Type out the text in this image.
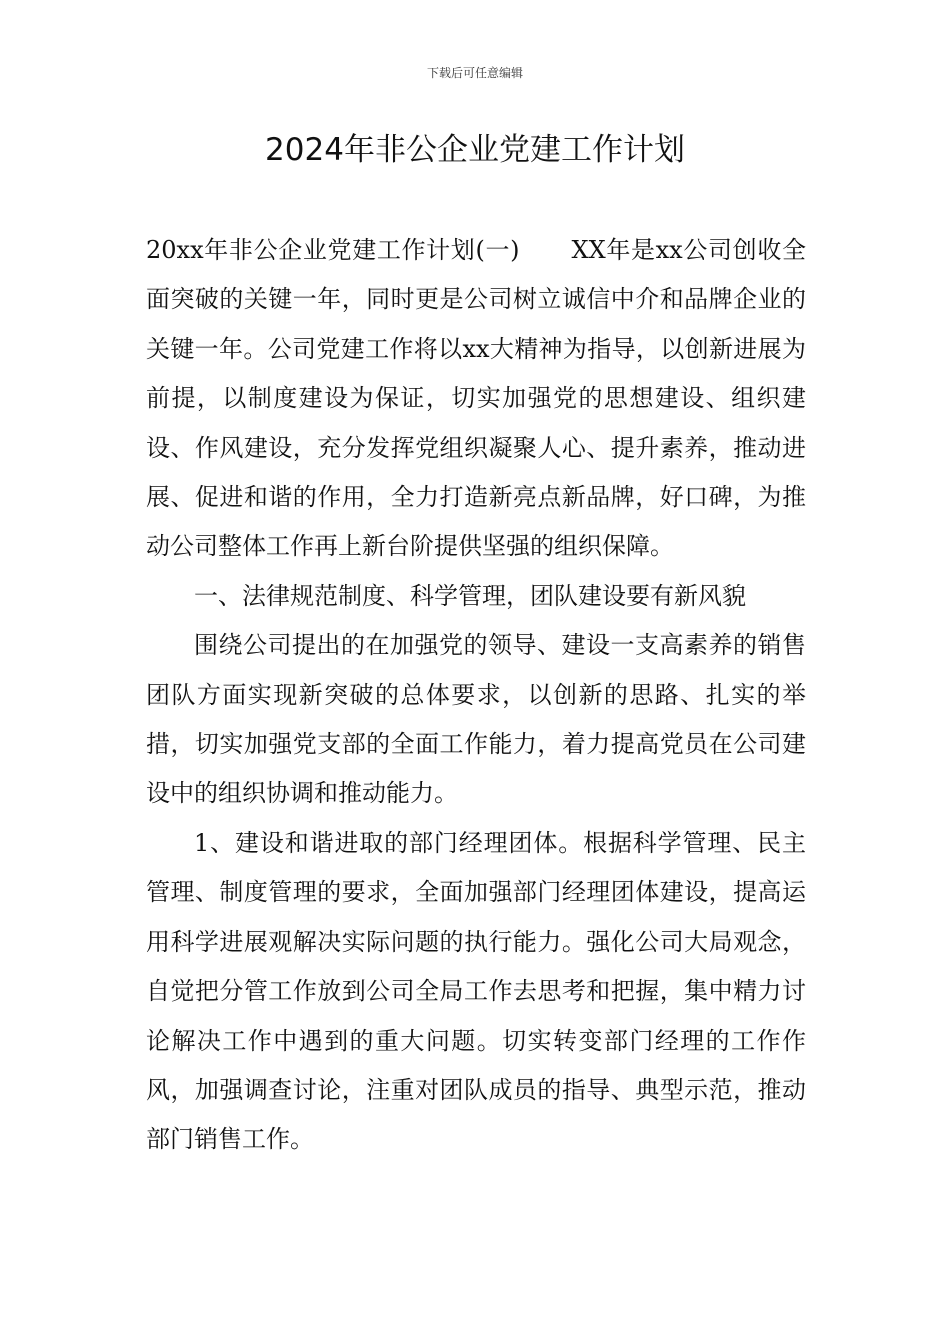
下载后可任意编辑
2024年非公企业党建工作计划

20xx年非公企业党建工作计划(一) XX年是xx公司创收全面突破的关键一年，同时更是公司树立诚信中介和品牌企业的关键一年。公司党建工作将以xx大精神为指导，以创新进展为前提，以制度建设为保证，切实加强党的思想建设、组织建设、作风建设，充分发挥党组织凝聚人心、提升素养，推动进展、促进和谐的作用，全力打造新亮点新品牌，好口碑，为推动公司整体工作再上新台阶提供坚强的组织保障。

一、法律规范制度、科学管理，团队建设要有新风貌

围绕公司提出的在加强党的领导、建设一支高素养的销售团队方面实现新突破的总体要求，以创新的思路、扎实的举措，切实加强党支部的全面工作能力，着力提高党员在公司建设中的组织协调和推动能力。

1、建设和谐进取的部门经理团体。根据科学管理、民主管理、制度管理的要求，全面加强部门经理团体建设，提高运用科学进展观解决实际问题的执行能力。强化公司大局观念，自觉把分管工作放到公司全局工作去思考和把握，集中精力讨论解决工作中遇到的重大问题。切实转变部门经理的工作作风，加强调查讨论，注重对团队成员的指导、典型示范，推动部门销售工作。
